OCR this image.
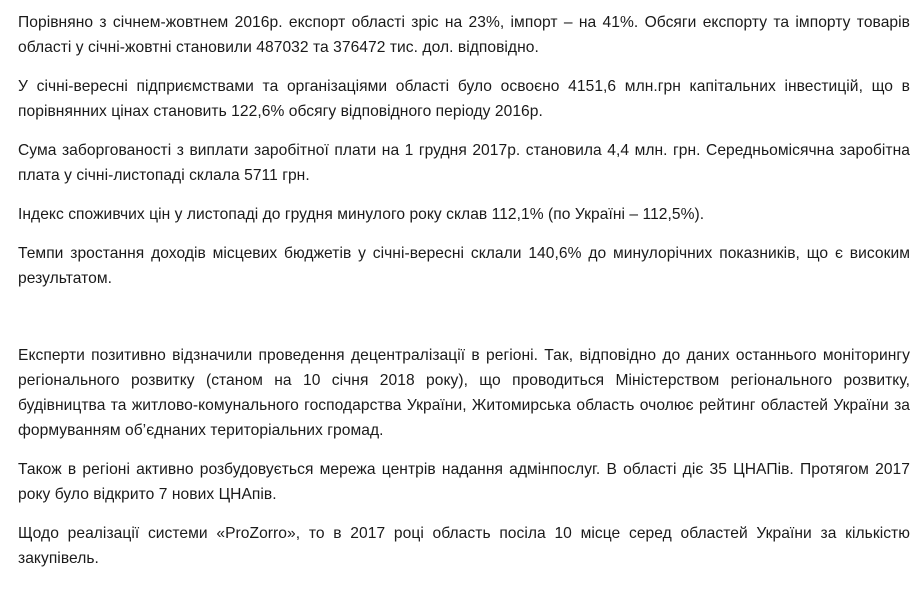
Порівняно з січнем-жовтнем 2016р. експорт області зріс на 23%, імпорт – на 41%. Обсяги експорту та імпорту товарів області у січні-жовтні становили 487032 та 376472 тис. дол. відповідно.

У січні-вересні підприємствами та організаціями області було освоєно 4151,6 млн.грн капітальних інвестицій, що в порівнянних цінах становить 122,6% обсягу відповідного періоду 2016р.

Сума заборгованості з виплати заробітної плати на 1 грудня 2017р. становила 4,4 млн. грн. Середньомісячна заробітна плата у січні-листопаді склала 5711 грн.

Індекс споживчих цін у листопаді до грудня минулого року склав 112,1% (по Україні – 112,5%).

Темпи зростання доходів місцевих бюджетів у січні-вересні склали 140,6% до минулорічних показників, що є високим результатом.

Експерти позитивно відзначили проведення децентралізації в регіоні. Так, відповідно до даних останнього моніторингу регіонального розвитку (станом на 10 січня 2018 року), що проводиться Міністерством регіонального розвитку, будівництва та житлово-комунального господарства України, Житомирська область очолює рейтинг областей України за формуванням об’єднаних територіальних громад.

Також в регіоні активно розбудовується мережа центрів надання адмінпослуг. В області діє 35 ЦНАПів. Протягом 2017 року було відкрито 7 нових ЦНАпів.

Щодо реалізації системи «ProZorro», то в 2017 році область посіла 10 місце серед областей України за кількістю закупівель.
